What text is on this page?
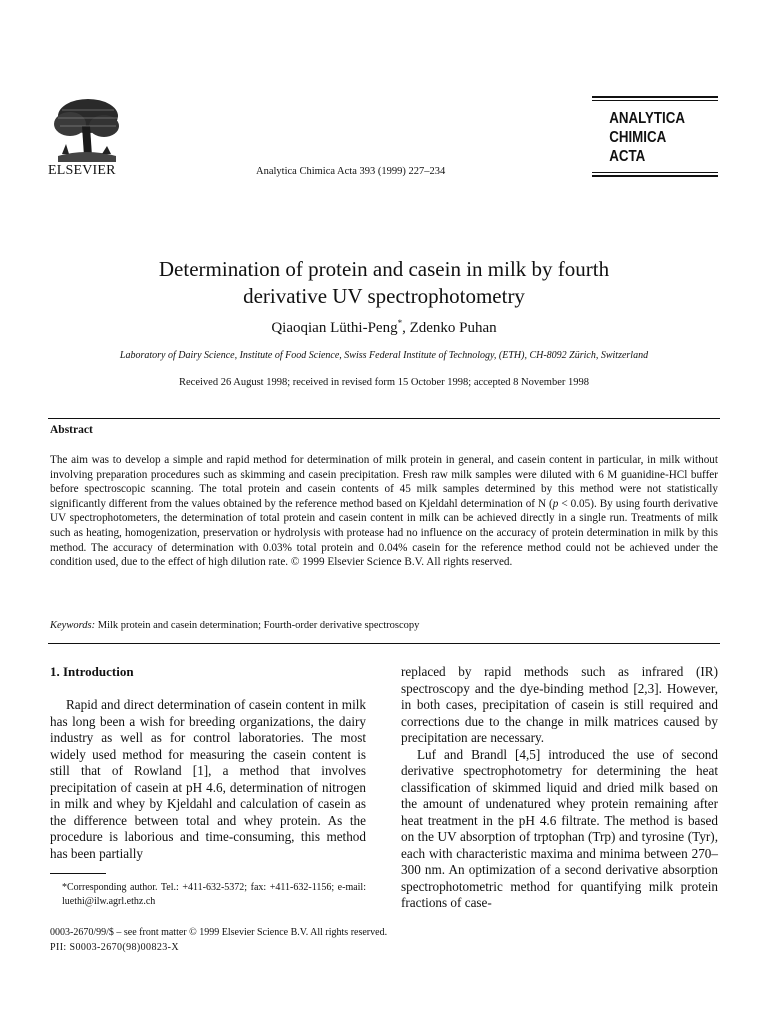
ELSEVIER	Analytica Chimica Acta 393 (1999) 227–234
ANALYTICA
CHIMICA
ACTA
Determination of protein and casein in milk by fourth
derivative UV spectrophotometry
Qiaoqian Lüthi-Peng*, Zdenko Puhan
Laboratory of Dairy Science, Institute of Food Science, Swiss Federal Institute of Technology, (ETH), CH-8092 Zürich, Switzerland
Received 26 August 1998; received in revised form 15 October 1998; accepted 8 November 1998
Abstract
The aim was to develop a simple and rapid method for determination of milk protein in general, and casein content in particular, in milk without involving preparation procedures such as skimming and casein precipitation. Fresh raw milk samples were diluted with 6 M guanidine-HCl buffer before spectroscopic scanning. The total protein and casein contents of 45 milk samples determined by this method were not statistically significantly different from the values obtained by the reference method based on Kjeldahl determination of N (p < 0.05). By using fourth derivative UV spectrophotometers, the determination of total protein and casein content in milk can be achieved directly in a single run. Treatments of milk such as heating, homogenization, preservation or hydrolysis with protease had no influence on the accuracy of protein determination in milk by this method. The accuracy of determination with 0.03% total protein and 0.04% casein for the reference method could not be achieved under the condition used, due to the effect of high dilution rate. © 1999 Elsevier Science B.V. All rights reserved.
Keywords: Milk protein and casein determination; Fourth-order derivative spectroscopy
1. Introduction

Rapid and direct determination of casein content in milk has long been a wish for breeding organizations, the dairy industry as well as for control laboratories. The most widely used method for measuring the casein content is still that of Rowland [1], a method that involves precipitation of casein at pH 4.6, determination of nitrogen in milk and whey by Kjeldahl and calculation of casein as the difference between total and whey protein. As the procedure is laborious and time-consuming, this method has been partially

replaced by rapid methods such as infrared (IR) spectroscopy and the dye-binding method [2,3]. However, in both cases, precipitation of casein is still required and corrections due to the change in milk matrices caused by precipitation are necessary.

Luf and Brandl [4,5] introduced the use of second derivative spectrophotometry for determining the heat classification of skimmed liquid and dried milk based on the amount of undenatured whey protein remaining after heat treatment in the pH 4.6 filtrate. The method is based on the UV absorption of trptophan (Trp) and tyrosine (Tyr), each with characteristic maxima and minima between 270–300 nm. An optimization of a second derivative absorption spectrophotometric method for quantifying milk protein fractions of case-

*Corresponding author. Tel.: +411-632-5372; fax: +411-632-1156; e-mail: luethi@ilw.agrl.ethz.ch
0003-2670/99/$ – see front matter © 1999 Elsevier Science B.V. All rights reserved.
PII: S0003-2670(98)00823-X
